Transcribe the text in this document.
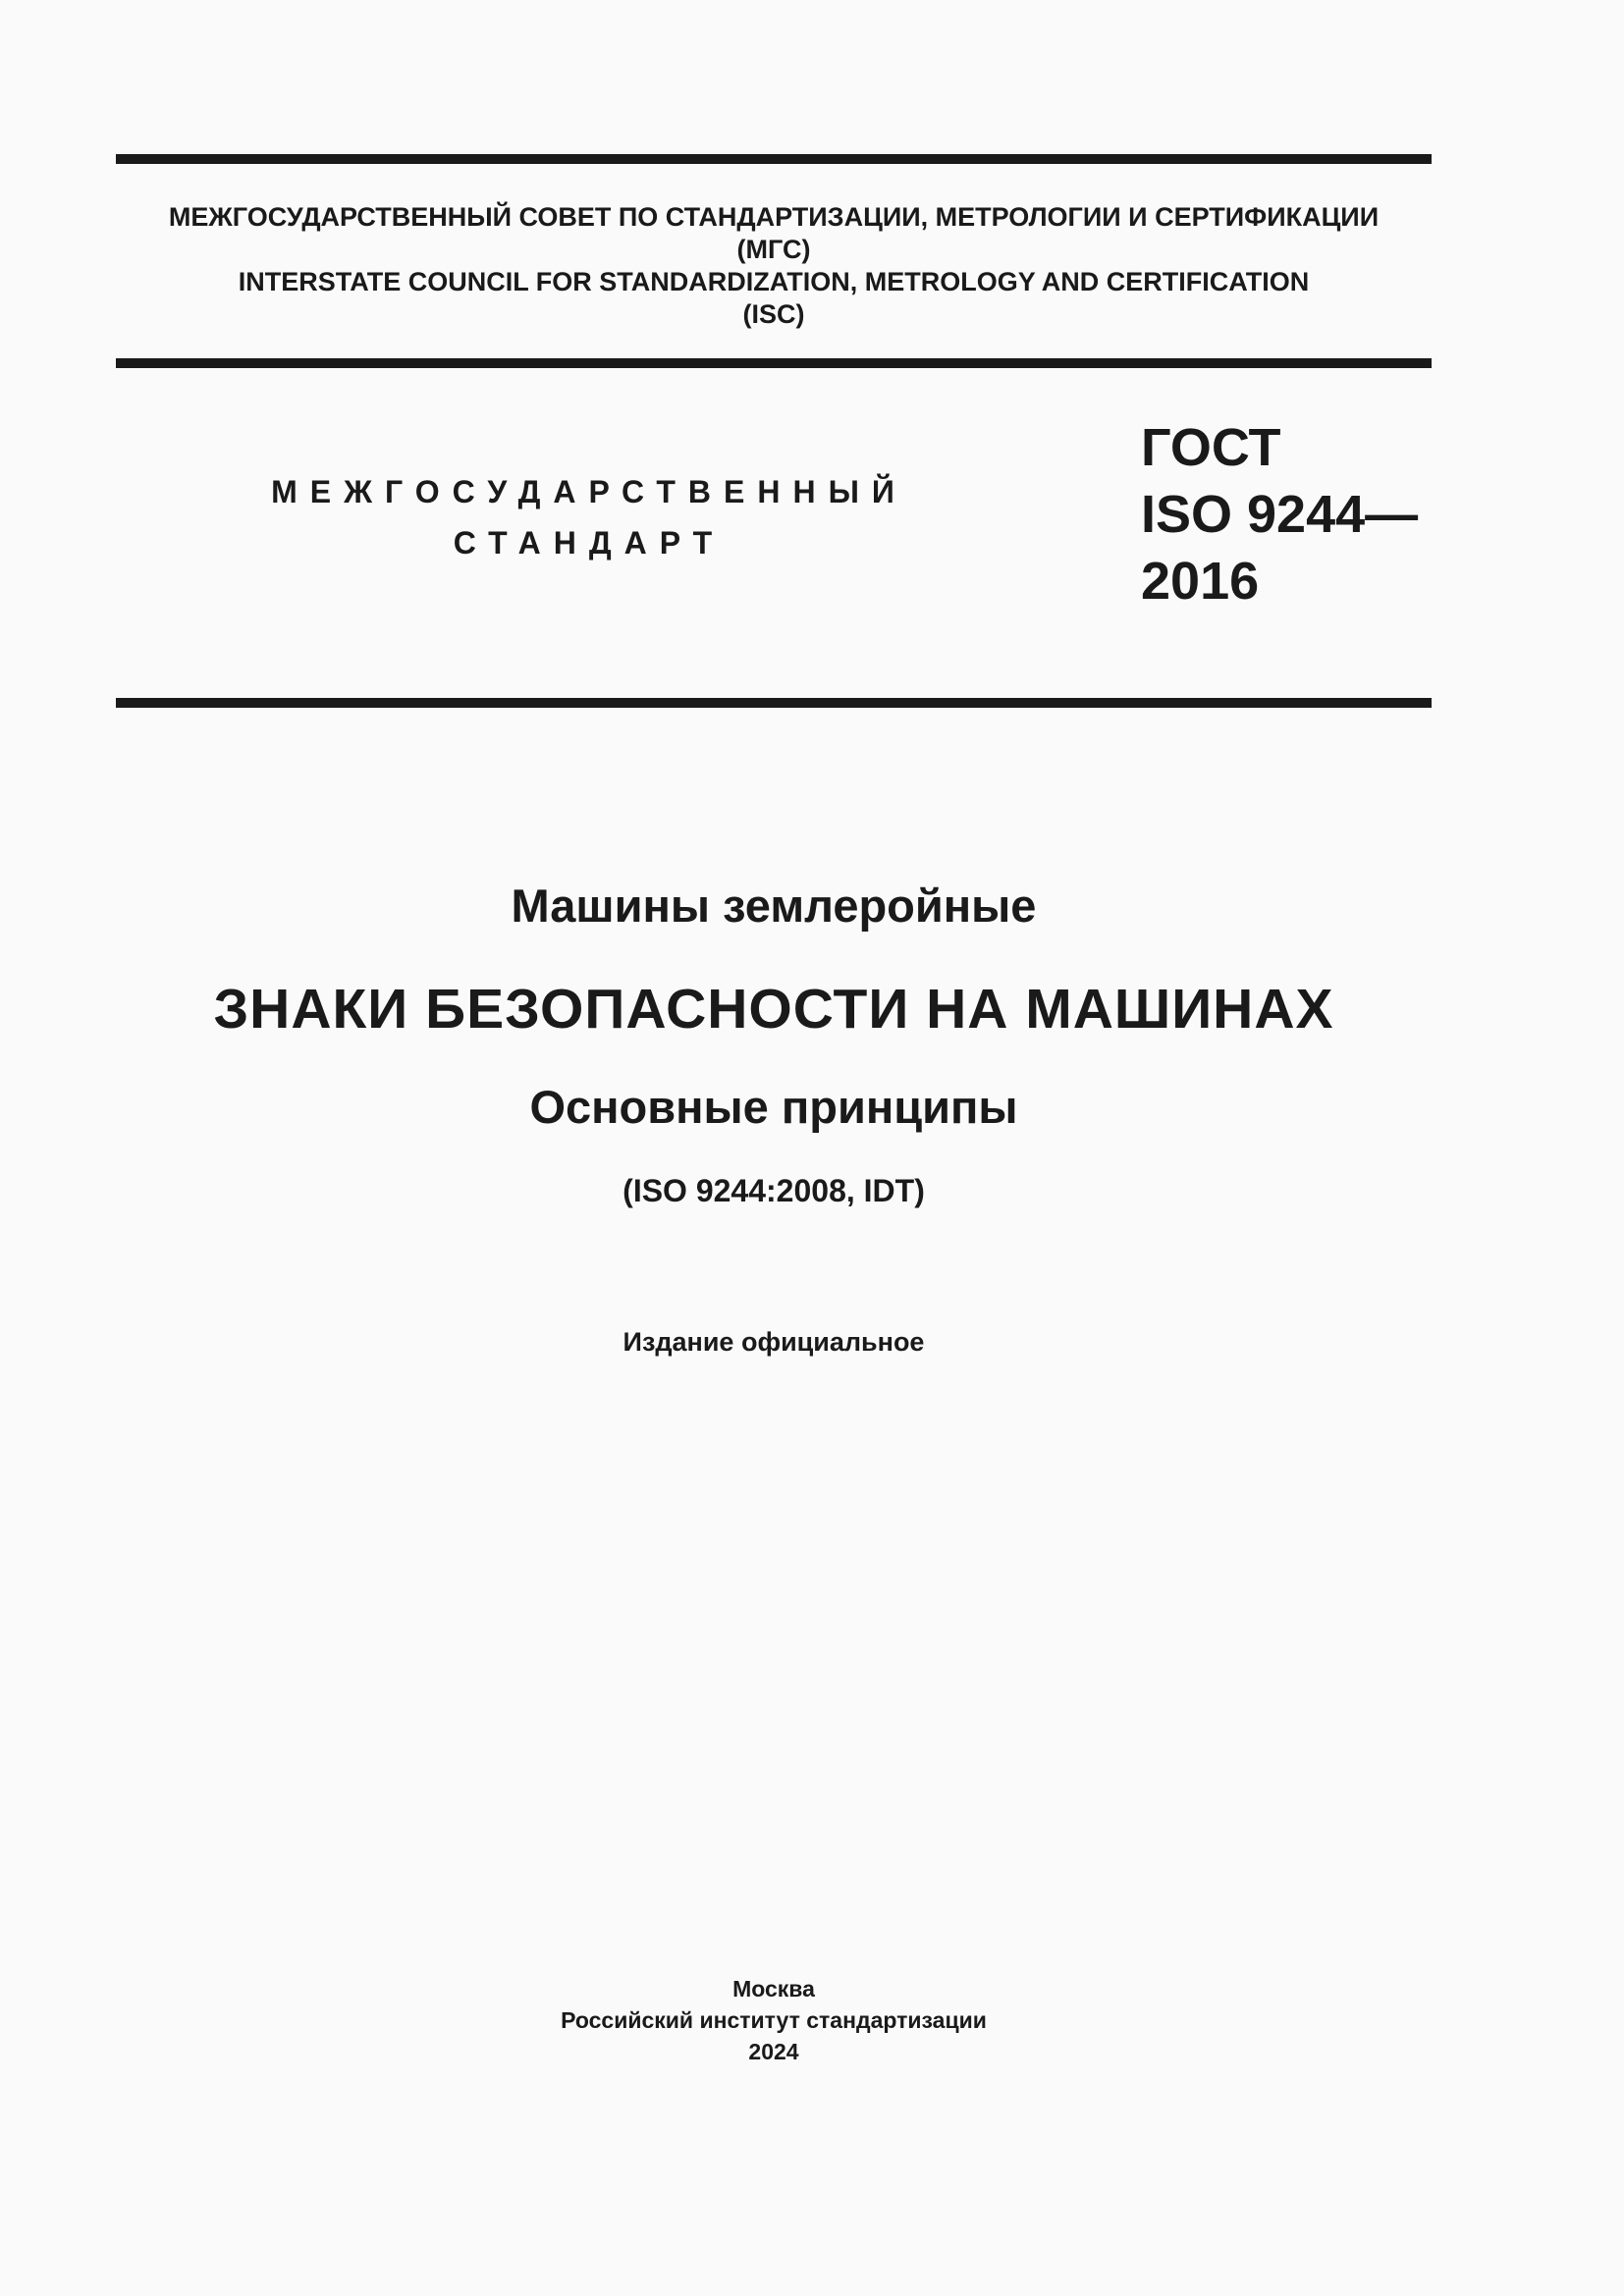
МЕЖГОСУДАРСТВЕННЫЙ СОВЕТ ПО СТАНДАРТИЗАЦИИ, МЕТРОЛОГИИ И СЕРТИФИКАЦИИ
(МГС)
INTERSTATE COUNCIL FOR STANDARDIZATION, METROLOGY AND CERTIFICATION
(ISC)
МЕЖГОСУДАРСТВЕННЫЙ
СТАНДАРТ
ГОСТ
ISO 9244—
2016
Машины землеройные
ЗНАКИ БЕЗОПАСНОСТИ НА МАШИНАХ
Основные принципы
(ISO 9244:2008, IDT)
Издание официальное
Москва
Российский институт стандартизации
2024
